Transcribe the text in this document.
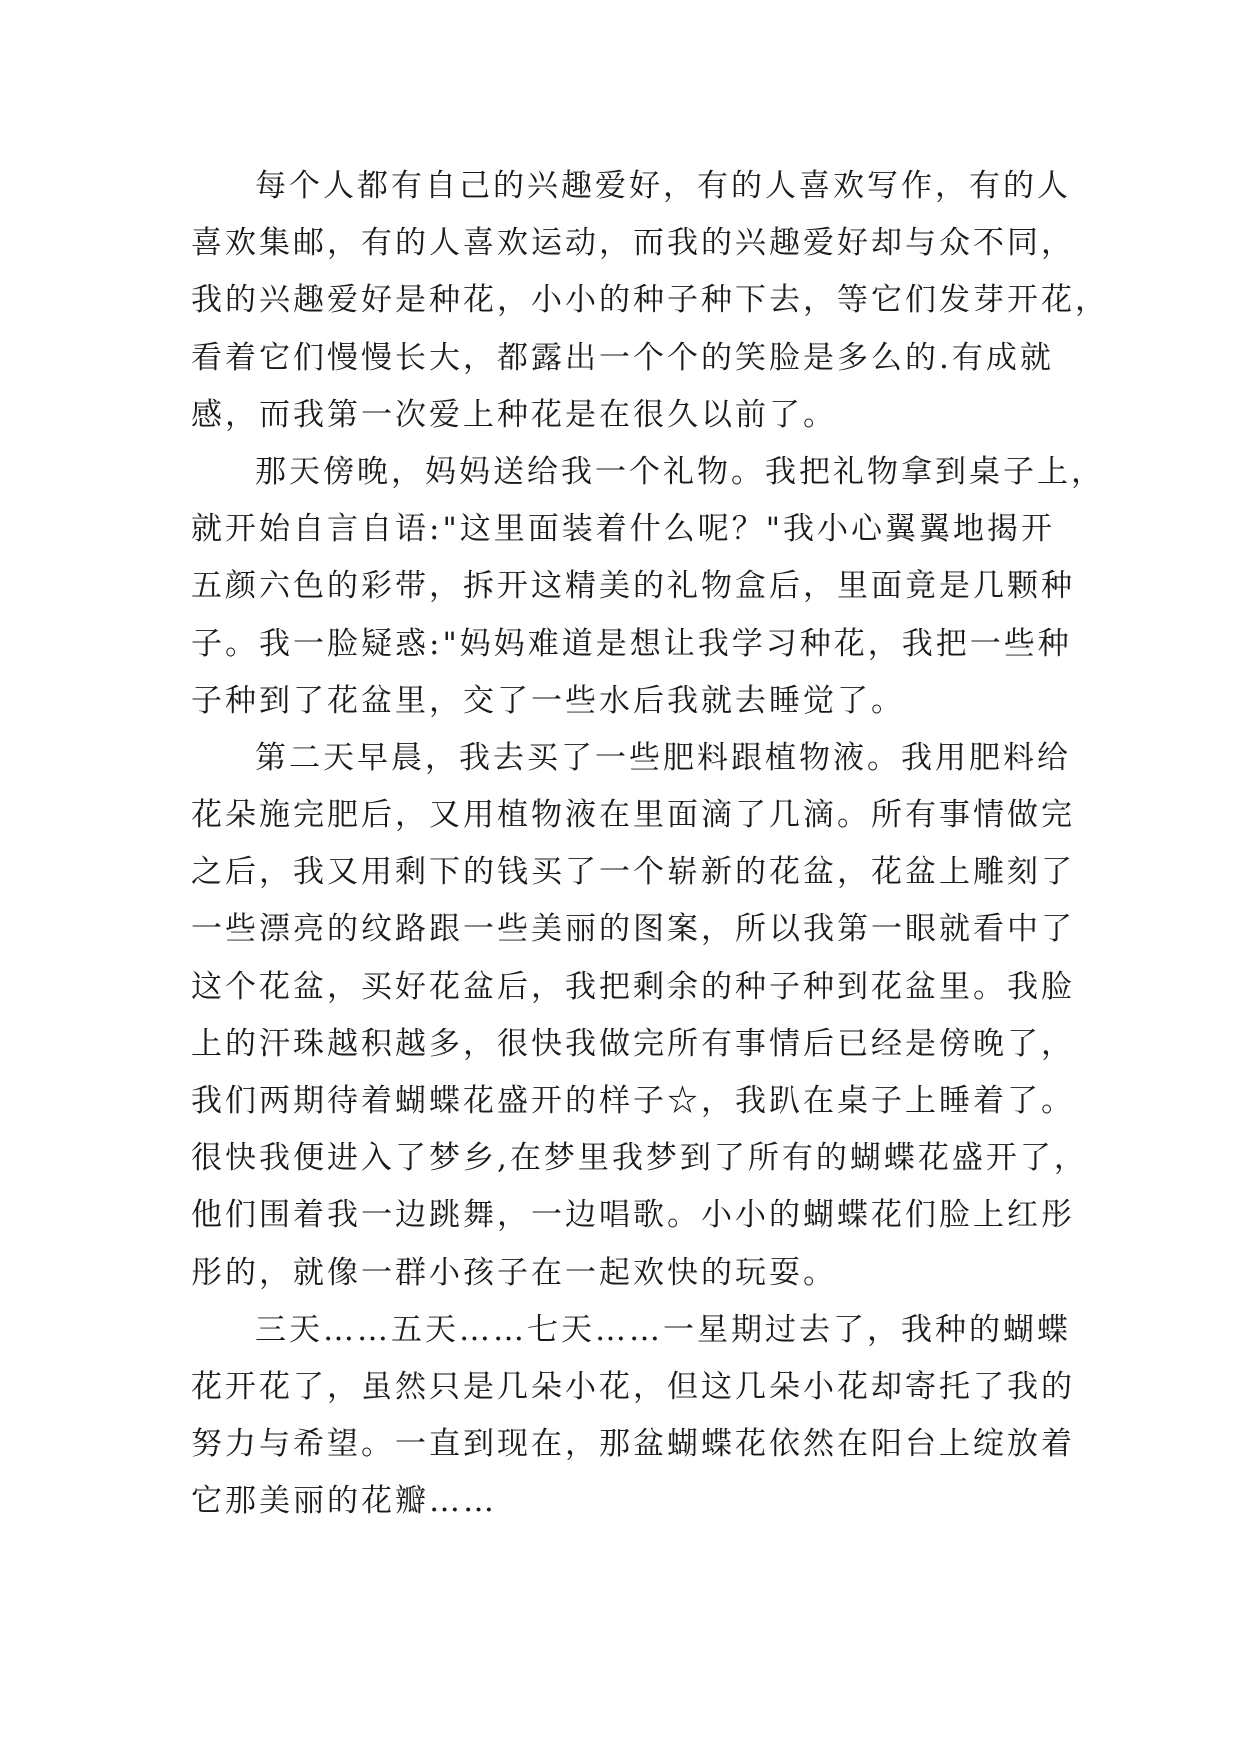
每个人都有自己的兴趣爱好，有的人喜欢写作，有的人
喜欢集邮，有的人喜欢运动，而我的兴趣爱好却与众不同，
我的兴趣爱好是种花，小小的种子种下去，等它们发芽开花，
看着它们慢慢长大，都露出一个个的笑脸是多么的.有成就
感，而我第一次爱上种花是在很久以前了。
那天傍晚，妈妈送给我一个礼物。我把礼物拿到桌子上，
就开始自言自语:"这里面装着什么呢？"我小心翼翼地揭开
五颜六色的彩带，拆开这精美的礼物盒后，里面竟是几颗种
子。我一脸疑惑:"妈妈难道是想让我学习种花，我把一些种
子种到了花盆里，交了一些水后我就去睡觉了。
第二天早晨，我去买了一些肥料跟植物液。我用肥料给
花朵施完肥后，又用植物液在里面滴了几滴。所有事情做完
之后，我又用剩下的钱买了一个崭新的花盆，花盆上雕刻了
一些漂亮的纹路跟一些美丽的图案，所以我第一眼就看中了
这个花盆，买好花盆后，我把剩余的种子种到花盆里。我脸
上的汗珠越积越多，很快我做完所有事情后已经是傍晚了，
我们两期待着蝴蝶花盛开的样子☆，我趴在桌子上睡着了。
很快我便进入了梦乡,在梦里我梦到了所有的蝴蝶花盛开了，
他们围着我一边跳舞，一边唱歌。小小的蝴蝶花们脸上红彤
彤的，就像一群小孩子在一起欢快的玩耍。
三天……五天……七天……一星期过去了，我种的蝴蝶
花开花了，虽然只是几朵小花，但这几朵小花却寄托了我的
努力与希望。一直到现在，那盆蝴蝶花依然在阳台上绽放着
它那美丽的花瓣……
